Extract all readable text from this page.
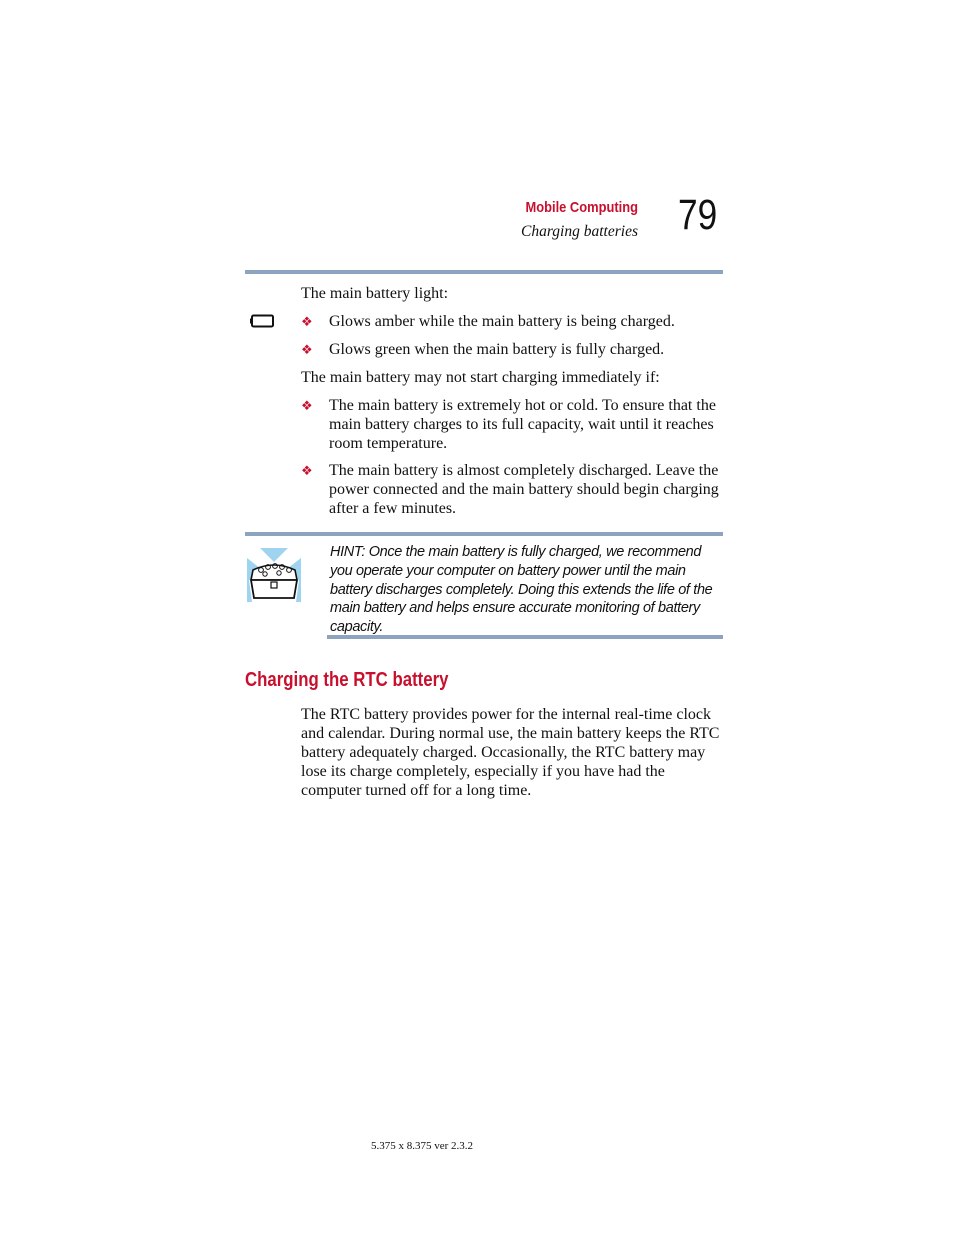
Mobile Computing
Charging batteries 79
The main battery light:
❖ Glows amber while the main battery is being charged.
❖ Glows green when the main battery is fully charged.
The main battery may not start charging immediately if:
❖ The main battery is extremely hot or cold. To ensure that the main battery charges to its full capacity, wait until it reaches room temperature.
❖ The main battery is almost completely discharged. Leave the power connected and the main battery should begin charging after a few minutes.
HINT: Once the main battery is fully charged, we recommend you operate your computer on battery power until the main battery discharges completely. Doing this extends the life of the main battery and helps ensure accurate monitoring of battery capacity.
Charging the RTC battery
The RTC battery provides power for the internal real-time clock and calendar. During normal use, the main battery keeps the RTC battery adequately charged. Occasionally, the RTC battery may lose its charge completely, especially if you have had the computer turned off for a long time.
5.375 x 8.375 ver 2.3.2
